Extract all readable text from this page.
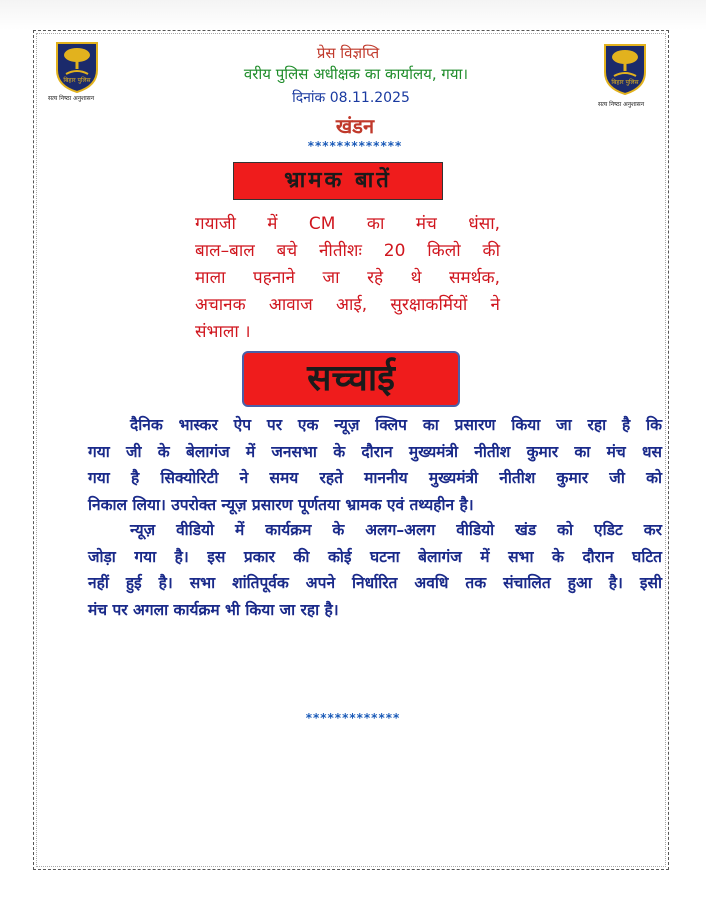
बिहार पुलिस
सत्‍य निष्‍ठा अनुशासन
बिहार पुलिस
सत्‍य निष्‍ठा अनुशासन
प्रेस विज्ञप्ति
वरीय पुलिस अधीक्षक का कार्यालय, गया।
दिनांक 08.11.2025
खंडन
*************
भ्रामक बातें
गयाजी में CM का मंच धंसा,
बाल–बाल बचे नीतीशः 20 किलो की
माला पहनाने जा रहे थे समर्थक,
अचानक आवाज आई, सुरक्षाकर्मियों ने
संभाला ।
सच्चाई
दैनिक भास्कर ऐप पर एक न्यूज़ क्लिप का प्रसारण किया जा रहा है कि
गया जी के बेलागंज में जनसभा के दौरान मुख्यमंत्री नीतीश कुमार का मंच धस
गया है सिक्योरिटी ने समय रहते माननीय मुख्यमंत्री नीतीश कुमार जी को
निकाल लिया। उपरोक्त न्यूज़ प्रसारण पूर्णतया भ्रामक एवं तथ्यहीन है।
न्यूज़ वीडियो में कार्यक्रम के अलग–अलग वीडियो खंड को एडिट कर
जोड़ा गया है। इस प्रकार की कोई घटना बेलागंज में सभा के दौरान घटित
नहीं हुई है। सभा शांतिपूर्वक अपने निर्धारित अवधि तक संचालित हुआ है। इसी
मंच पर अगला कार्यक्रम भी किया जा रहा है।
*************
